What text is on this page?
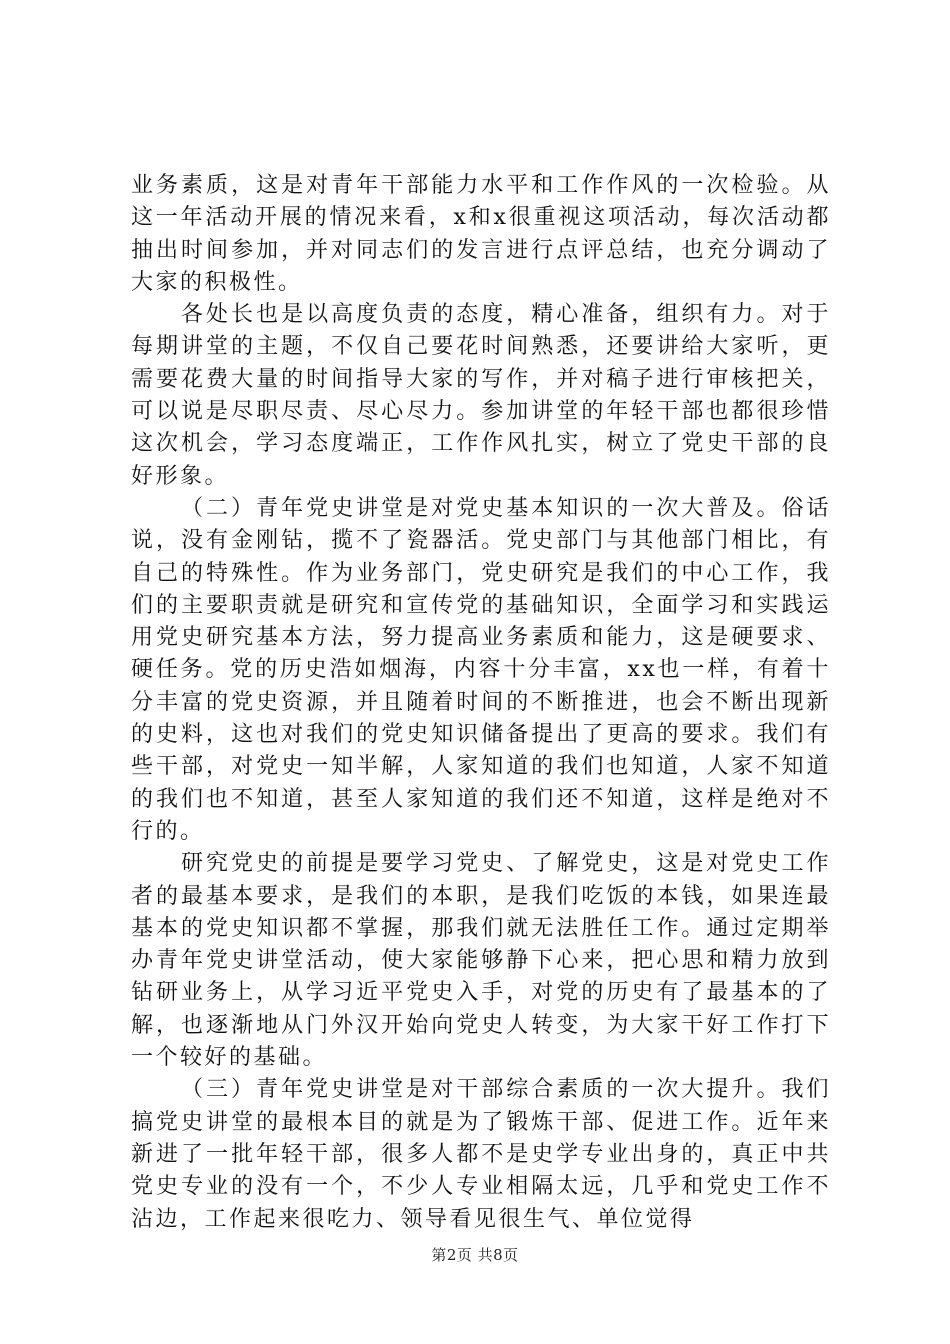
业务素质，这是对青年干部能力水平和工作作风的一次检验。从这一年活动开展的情况来看，x和x很重视这项活动，每次活动都抽出时间参加，并对同志们的发言进行点评总结，也充分调动了大家的积极性。

各处长也是以高度负责的态度，精心准备，组织有力。对于每期讲堂的主题，不仅自己要花时间熟悉，还要讲给大家听，更需要花费大量的时间指导大家的写作，并对稿子进行审核把关，可以说是尽职尽责、尽心尽力。参加讲堂的年轻干部也都很珍惜这次机会，学习态度端正，工作作风扎实，树立了党史干部的良好形象。

（二）青年党史讲堂是对党史基本知识的一次大普及。俗话说，没有金刚钻，揽不了瓷器活。党史部门与其他部门相比，有自己的特殊性。作为业务部门，党史研究是我们的中心工作，我们的主要职责就是研究和宣传党的基础知识，全面学习和实践运用党史研究基本方法，努力提高业务素质和能力，这是硬要求、硬任务。党的历史浩如烟海，内容十分丰富，xx也一样，有着十分丰富的党史资源，并且随着时间的不断推进，也会不断出现新的史料，这也对我们的党史知识储备提出了更高的要求。我们有些干部，对党史一知半解，人家知道的我们也知道，人家不知道的我们也不知道，甚至人家知道的我们还不知道，这样是绝对不行的。

研究党史的前提是要学习党史、了解党史，这是对党史工作者的最基本要求，是我们的本职，是我们吃饭的本钱，如果连最基本的党史知识都不掌握，那我们就无法胜任工作。通过定期举办青年党史讲堂活动，使大家能够静下心来，把心思和精力放到钻研业务上，从学习近平党史入手，对党的历史有了最基本的了解，也逐渐地从门外汉开始向党史人转变，为大家干好工作打下一个较好的基础。

（三）青年党史讲堂是对干部综合素质的一次大提升。我们搞党史讲堂的最根本目的就是为了锻炼干部、促进工作。近年来新进了一批年轻干部，很多人都不是史学专业出身的，真正中共党史专业的没有一个，不少人专业相隔太远，几乎和党史工作不沾边，工作起来很吃力、领导看见很生气、单位觉得

第2页 共8页
